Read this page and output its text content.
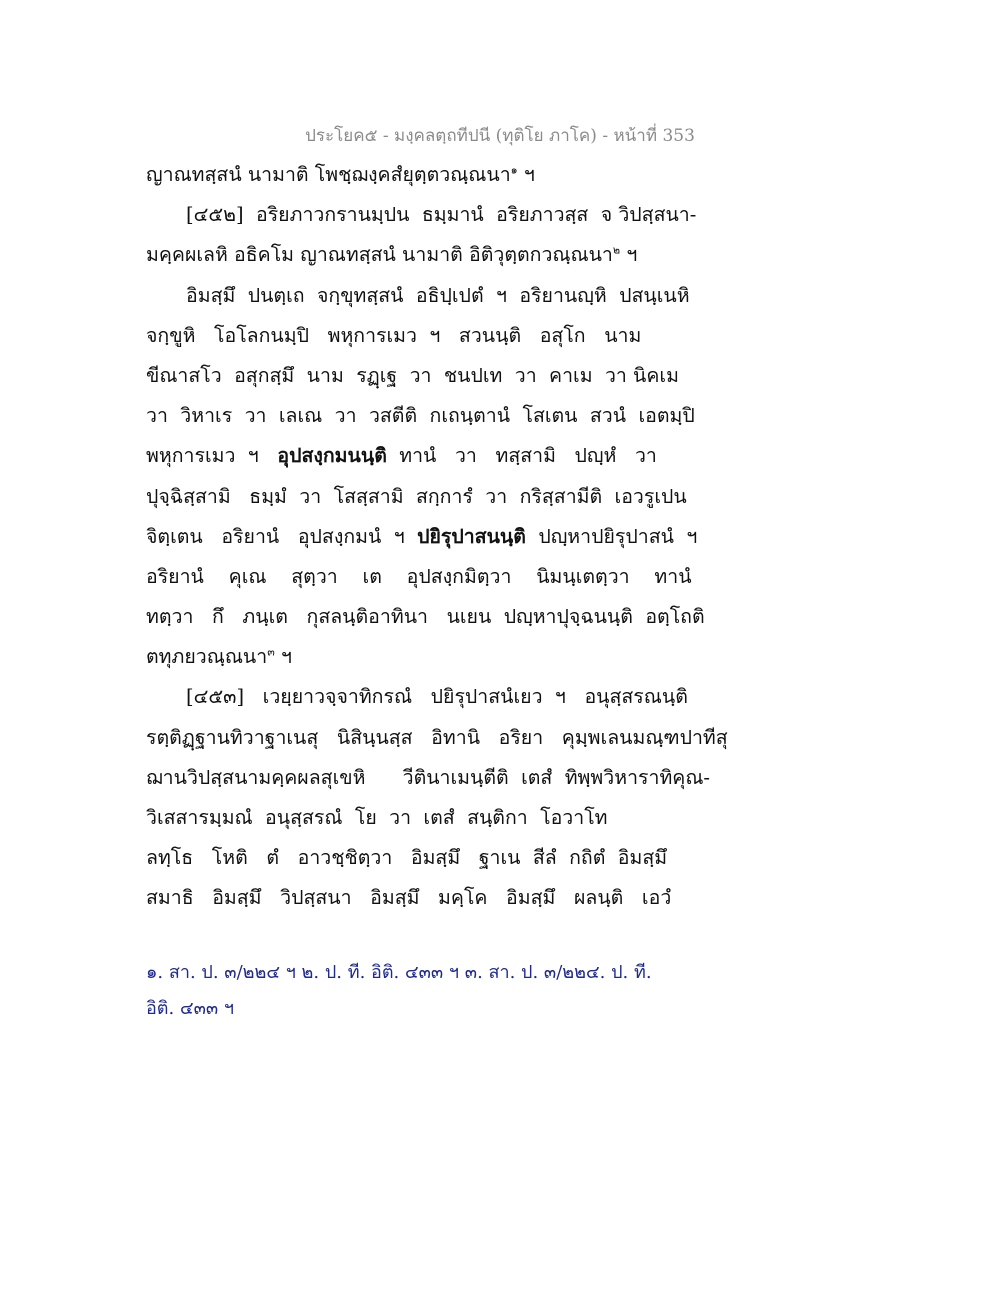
ประโยค๕ - มงฺคลตฺถทีปนี (ทุติโย ภาโค) - หน้าที่ 353
ญาณทสฺสนํ นามาติ โพชฺฌงฺคสํยุตฺตวณฺณนา$^๑$ ฯ
[๔๕๒]  อริยภาวกรานมฺปน  ธมฺมานํ  อริยภาวสฺส  จ วิปสฺสนา-
มคฺคผเลหิ อธิคโม ญาณทสฺสนํ นามาติ อิติวุตฺตกวณฺณนา$^๒$ ฯ
อิมสฺมึ  ปนตฺเถ  จกฺขุทสฺสนํ  อธิปฺเปตํ  ฯ  อริยานญฺหิ  ปสนฺเนหิ
จกฺขูหิ   โอโลกนมฺปิ   พหุการเมว  ฯ   สวนนฺติ   อสุโก   นาม
ขีณาสโว  อสุกสฺมึ  นาม  รฏฺเฐ  วา  ชนปเท  วา  คาเม  วา นิคเม
วา  วิหาเร  วา  เลเณ  วา  วสตีติ  กเถนฺตานํ  โสเตน  สวนํ  เอตมฺปิ
พหุการเมว  ฯ   อุปสงฺกมนนฺติ  ทานํ   วา   ทสฺสามิ   ปญฺหํ   วา
ปุจฺฉิสฺสามิ   ธมฺมํ  วา  โสสฺสามิ  สกฺการํ  วา  กริสฺสามีติ  เอวรูเปน
จิตฺเตน   อริยานํ   อุปสงฺกมนํ  ฯ  ปยิรุปาสนนฺติ  ปญฺหาปยิรุปาสนํ  ฯ
อริยานํ    คุเณ    สุตฺวา    เต    อุปสงฺกมิตฺวา    นิมนฺเตตฺวา    ทานํ
ทตฺวา   กึ   ภนฺเต   กุสลนฺติอาทินา   นเยน  ปญฺหาปุจฺฉนนฺติ  อตฺโถติ
ตทุภยวณฺณนา$^๓$ ฯ
[๔๕๓]   เวยฺยาวจฺจาทิกรณํ   ปยิรุปาสนํเยว  ฯ   อนุสฺสรณนฺติ
รตฺติฏฺฐานทิวาฐาเนสุ   นิสินฺนสฺส   อิทานิ   อริยา   คุมฺพเลนมณฺฑปาทีสุ
ฌานวิปสฺสนามคฺคผลสุเขหิ      วีตินาเมนฺตีติ  เตสํ  ทิพฺพวิหาราทิคุณ-
วิเสสารมฺมณํ  อนุสฺสรณํ  โย  วา  เตสํ  สนฺติกา  โอวาโท
ลทฺโธ   โหติ   ตํ   อาวชฺชิตฺวา   อิมสฺมึ   ฐาเน  สีลํ  กถิตํ  อิมสฺมึ
สมาธิ   อิมสฺมึ   วิปสฺสนา   อิมสฺมึ   มคฺโค   อิมสฺมึ   ผลนฺติ   เอวํ
๑. สา. ป. ๓/๒๒๔ ฯ ๒. ป. ที. อิติ. ๔๓๓ ฯ ๓. สา. ป. ๓/๒๒๔. ป. ที.
อิติ. ๔๓๓ ฯ
